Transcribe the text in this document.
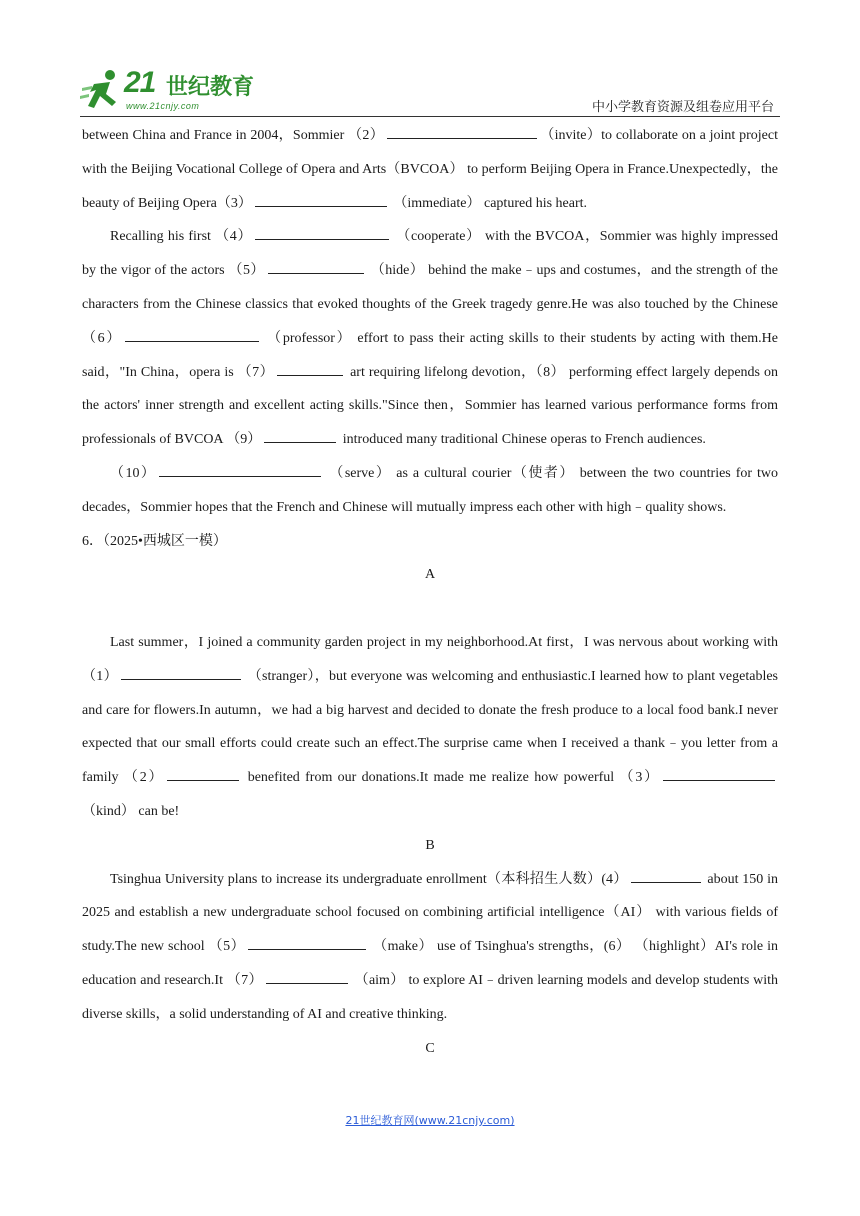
21 世纪教育
www.21cnjy.com	中小学教育资源及组卷应用平台

between China and France in 2004，Sommier （2）	（invite）to collaborate on a joint project with the Beijing Vocational College of Opera and Arts（BVCOA） to perform Beijing Opera in France.Unexpectedly，the beauty of Beijing Opera（3）	（immediate） captured his heart.

Recalling his first （4）	（cooperate） with the BVCOA，Sommier was highly impressed by the vigor of the actors （5）	（hide） behind the make﹣ups and costumes，and the strength of the characters from the Chinese classics that evoked thoughts of the Greek tragedy genre.He was also touched by the Chinese （6）	（professor） effort to pass their acting skills to their students by acting with them.He said，"In China，opera is （7）	art requiring lifelong devotion，（8） performing effect largely depends on the actors' inner strength and excellent acting skills."Since then，Sommier has learned various performance forms from professionals of BVCOA （9）	introduced many traditional Chinese operas to French audiences.

（10）	（serve） as a cultural courier（使者） between the two countries for two decades，Sommier hopes that the French and Chinese will mutually impress each other with high﹣quality shows.

6．（2025•西城区一模）

A

Last summer，I joined a community garden project in my neighborhood.At first，I was nervous about working with （1）	（stranger），but everyone was welcoming and enthusiastic.I learned how to plant vegetables and care for flowers.In autumn，we had a big harvest and decided to donate the fresh produce to a local food bank.I never expected that our small efforts could create such an effect.The surprise came when I received a thank﹣you letter from a family （2）	benefited from our donations.It made me realize how powerful （3） （kind） can be!

B

Tsinghua University plans to increase its undergraduate enrollment（本科招生人数）(4）	about 150 in 2025 and establish a new undergraduate school focused on combining artificial intelligence（AI） with various fields of study.The new school （5）	（make） use of Tsinghua's strengths，(6） （highlight）AI's role in education and research.It （7）	（aim） to explore AI﹣driven learning models and develop students with diverse skills，a solid understanding of AI and creative thinking.

C

21世纪教育网(www.21cnjy.com)
